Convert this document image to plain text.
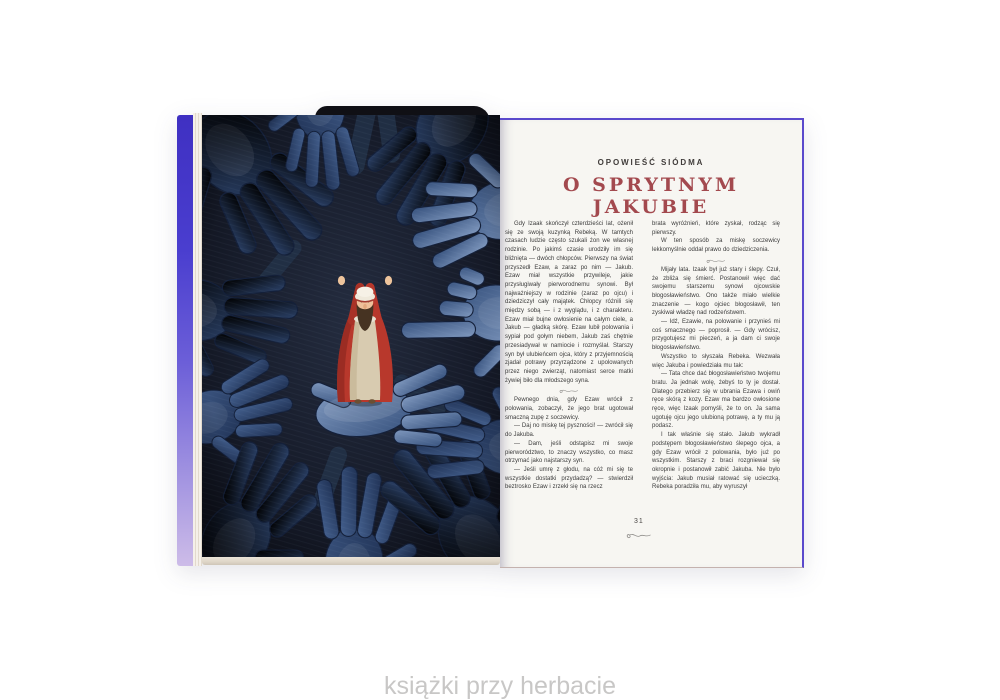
OPOWIEŚĆ SIÓDMA
O SPRYTNYM JAKUBIE

Gdy Izaak skończył czterdzieści lat, ożenił się ze swoją kuzynką Rebeką. W tamtych czasach ludzie często szukali żon we własnej rodzinie. Po jakimś czasie urodziły im się bliźnięta — dwóch chłopców. Pierwszy na świat przyszedł Ezaw, a zaraz po nim — Jakub. Ezaw miał wszystkie przywileje, jakie przysługiwały pierworodnemu synowi. Był najważniejszy w rodzinie (zaraz po ojcu) i dziedziczył cały majątek. Chłopcy różnili się między sobą — i z wyglądu, i z charakteru. Ezaw miał bujne owłosienie na całym ciele, a Jakub — gładką skórę. Ezaw lubił polowania i sypiał pod gołym niebem, Jakub zaś chętnie przesiadywał w namiocie i rozmyślał. Starszy syn był ulubieńcem ojca, który z przyjemnością zjadał potrawy przyrządzone z upolowanych przez niego zwierząt, natomiast serce matki żywiej biło dla młodszego syna.

Pewnego dnia, gdy Ezaw wrócił z polowania, zobaczył, że jego brat ugotował smaczną zupę z soczewicy.

— Daj no miskę tej pyszności! — zwrócił się do Jakuba.

— Dam, jeśli odstąpisz mi swoje pierworództwo, to znaczy wszystko, co masz otrzymać jako najstarszy syn.

— Jeśli umrę z głodu, na cóż mi się te wszystkie dostatki przydadzą? — stwierdził beztrosko Ezaw i zrzekł się na rzecz

brata wyróżnień, które zyskał, rodząc się pierwszy.

W ten sposób za miskę soczewicy lekkomyślnie oddał prawo do dziedziczenia.

Mijały lata. Izaak był już stary i ślepy. Czuł, że zbliża się śmierć. Postanowił więc dać swojemu starszemu synowi ojcowskie błogosławieństwo. Ono także miało wielkie znaczenie — kogo ojciec błogosławił, ten zyskiwał władzę nad rodzeństwem.

— Idź, Ezawie, na polowanie i przynieś mi coś smacznego — poprosił. — Gdy wrócisz, przygotujesz mi pieczeń, a ja dam ci swoje błogosławieństwo.

Wszystko to słyszała Rebeka. Wezwała więc Jakuba i powiedziała mu tak:

— Tata chce dać błogosławieństwo twojemu bratu. Ja jednak wolę, żebyś to ty je dostał. Dlatego przebierz się w ubrania Ezawa i owiń ręce skórą z kozy. Ezaw ma bardzo owłosione ręce, więc Izaak pomyśli, że to on. Ja sama ugotuję ojcu jego ulubioną potrawę, a ty mu ją podasz.

I tak właśnie się stało. Jakub wykradł podstępem błogosławieństwo ślepego ojca, a gdy Ezaw wrócił z polowania, było już po wszystkim. Starszy z braci rozgniewał się okropnie i postanowił zabić Jakuba. Nie było wyjścia: Jakub musiał ratować się ucieczką. Rebeka poradziła mu, aby wyruszył

31
książki przy herbacie
